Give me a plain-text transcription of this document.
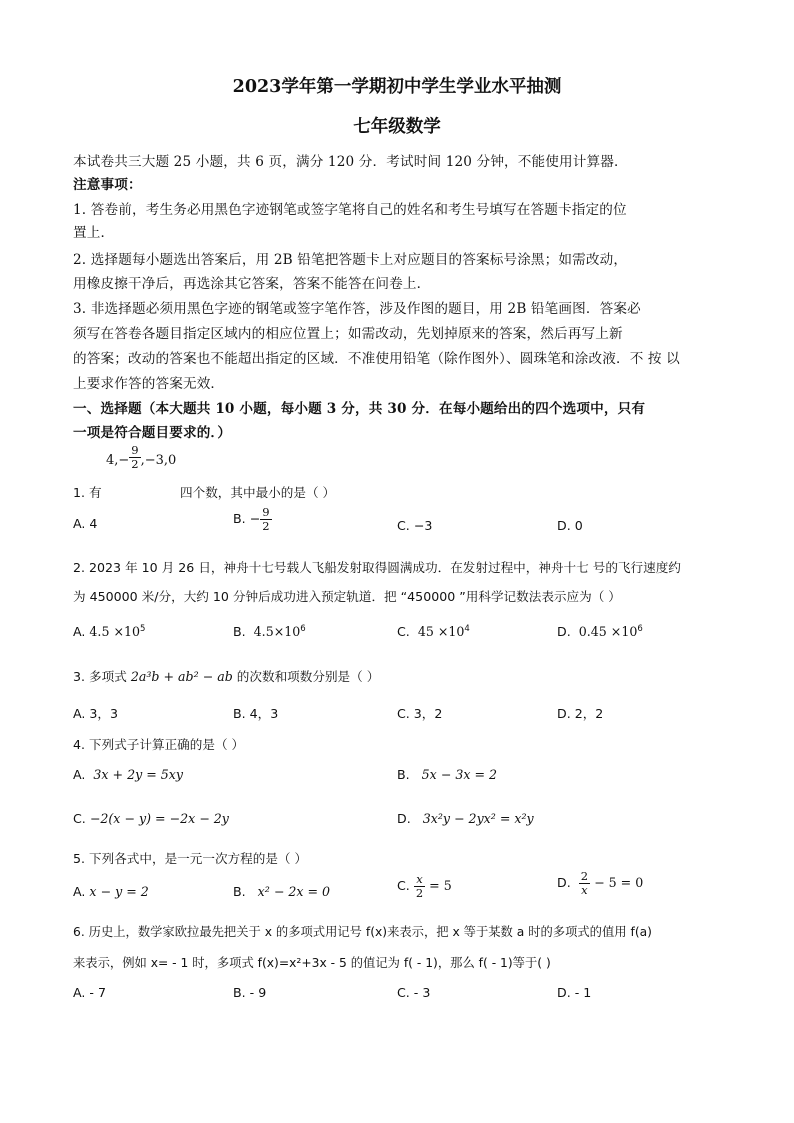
2023学年第一学期初中学生学业水平抽测
七年级数学
本试卷共三大题 25 小题，共 6 页，满分 120 分．考试时间 120 分钟，不能使用计算器．
注意事项：
1. 答卷前，考生务必用黑色字迹钢笔或签字笔将自己的姓名和考生号填写在答题卡指定的位
置上．
2. 选择题每小题选出答案后，用 2B 铅笔把答题卡上对应题目的答案标号涂黑；如需改动，
用橡皮擦干净后，再选涂其它答案，答案不能答在问卷上．
3. 非选择题必须用黑色字迹的钢笔或签字笔作答，涉及作图的题目，用 2B 铅笔画图．答案必
须写在答卷各题目指定区域内的相应位置上；如需改动，先划掉原来的答案，然后再写上新
的答案；改动的答案也不能超出指定的区域．不准使用铅笔（除作图外）、圆珠笔和涂改液．不 按 以
上要求作答的答案无效．
一、选择题（本大题共 10 小题，每小题 3 分，共 30 分．在每小题给出的四个选项中，只有
一项是符合题目要求的．）
$4,- \frac{9}{2} ,-3,0$
1. 有	四个数，其中最小的是（ ）
A. 4	B. − $\frac{9}{2}$	C. −3	D. 0
2. 2023 年 10 月 26 日，神舟十七号载人飞船发射取得圆满成功．在发射过程中，神舟十七 号的飞行速度约
为 450000 米/分，大约 10 分钟后成功进入预定轨道．把 “450000 ”用科学记数法表示应为（ ）
A. $4.5 \times 10^5$	B. $4.5\times 10^6$	C. $45 \times 10^4$	D. $0.45 \times 10^6$
3. 多项式 2a³b + ab² − ab 的次数和项数分别是（ ）
A. 3，3	B. 4，3	C. 3，2	D. 2，2
4. 下列式子计算正确的是（ ）
A. 3x + 2y = 5xy	B. 5x − 3x = 2
C. −2(x − y) = −2x − 2y	D. 3x²y − 2yx² = x²y
5. 下列各式中，是一元一次方程的是（ ）
A. x − y = 2	B. x² − 2x = 0	C. $\frac{x}{2} = 5$	D. $\frac{2}{x} - 5 = 0$
6. 历史上，数学家欧拉最先把关于 x 的多项式用记号 f(x)来表示，把 x 等于某数 a 时的多项式的值用 f(a)
来表示，例如 x= - 1 时，多项式 f(x)=x²+3x - 5 的值记为 f( - 1)，那么 f( - 1)等于( )
A. - 7	B. - 9	C. - 3	D. - 1
